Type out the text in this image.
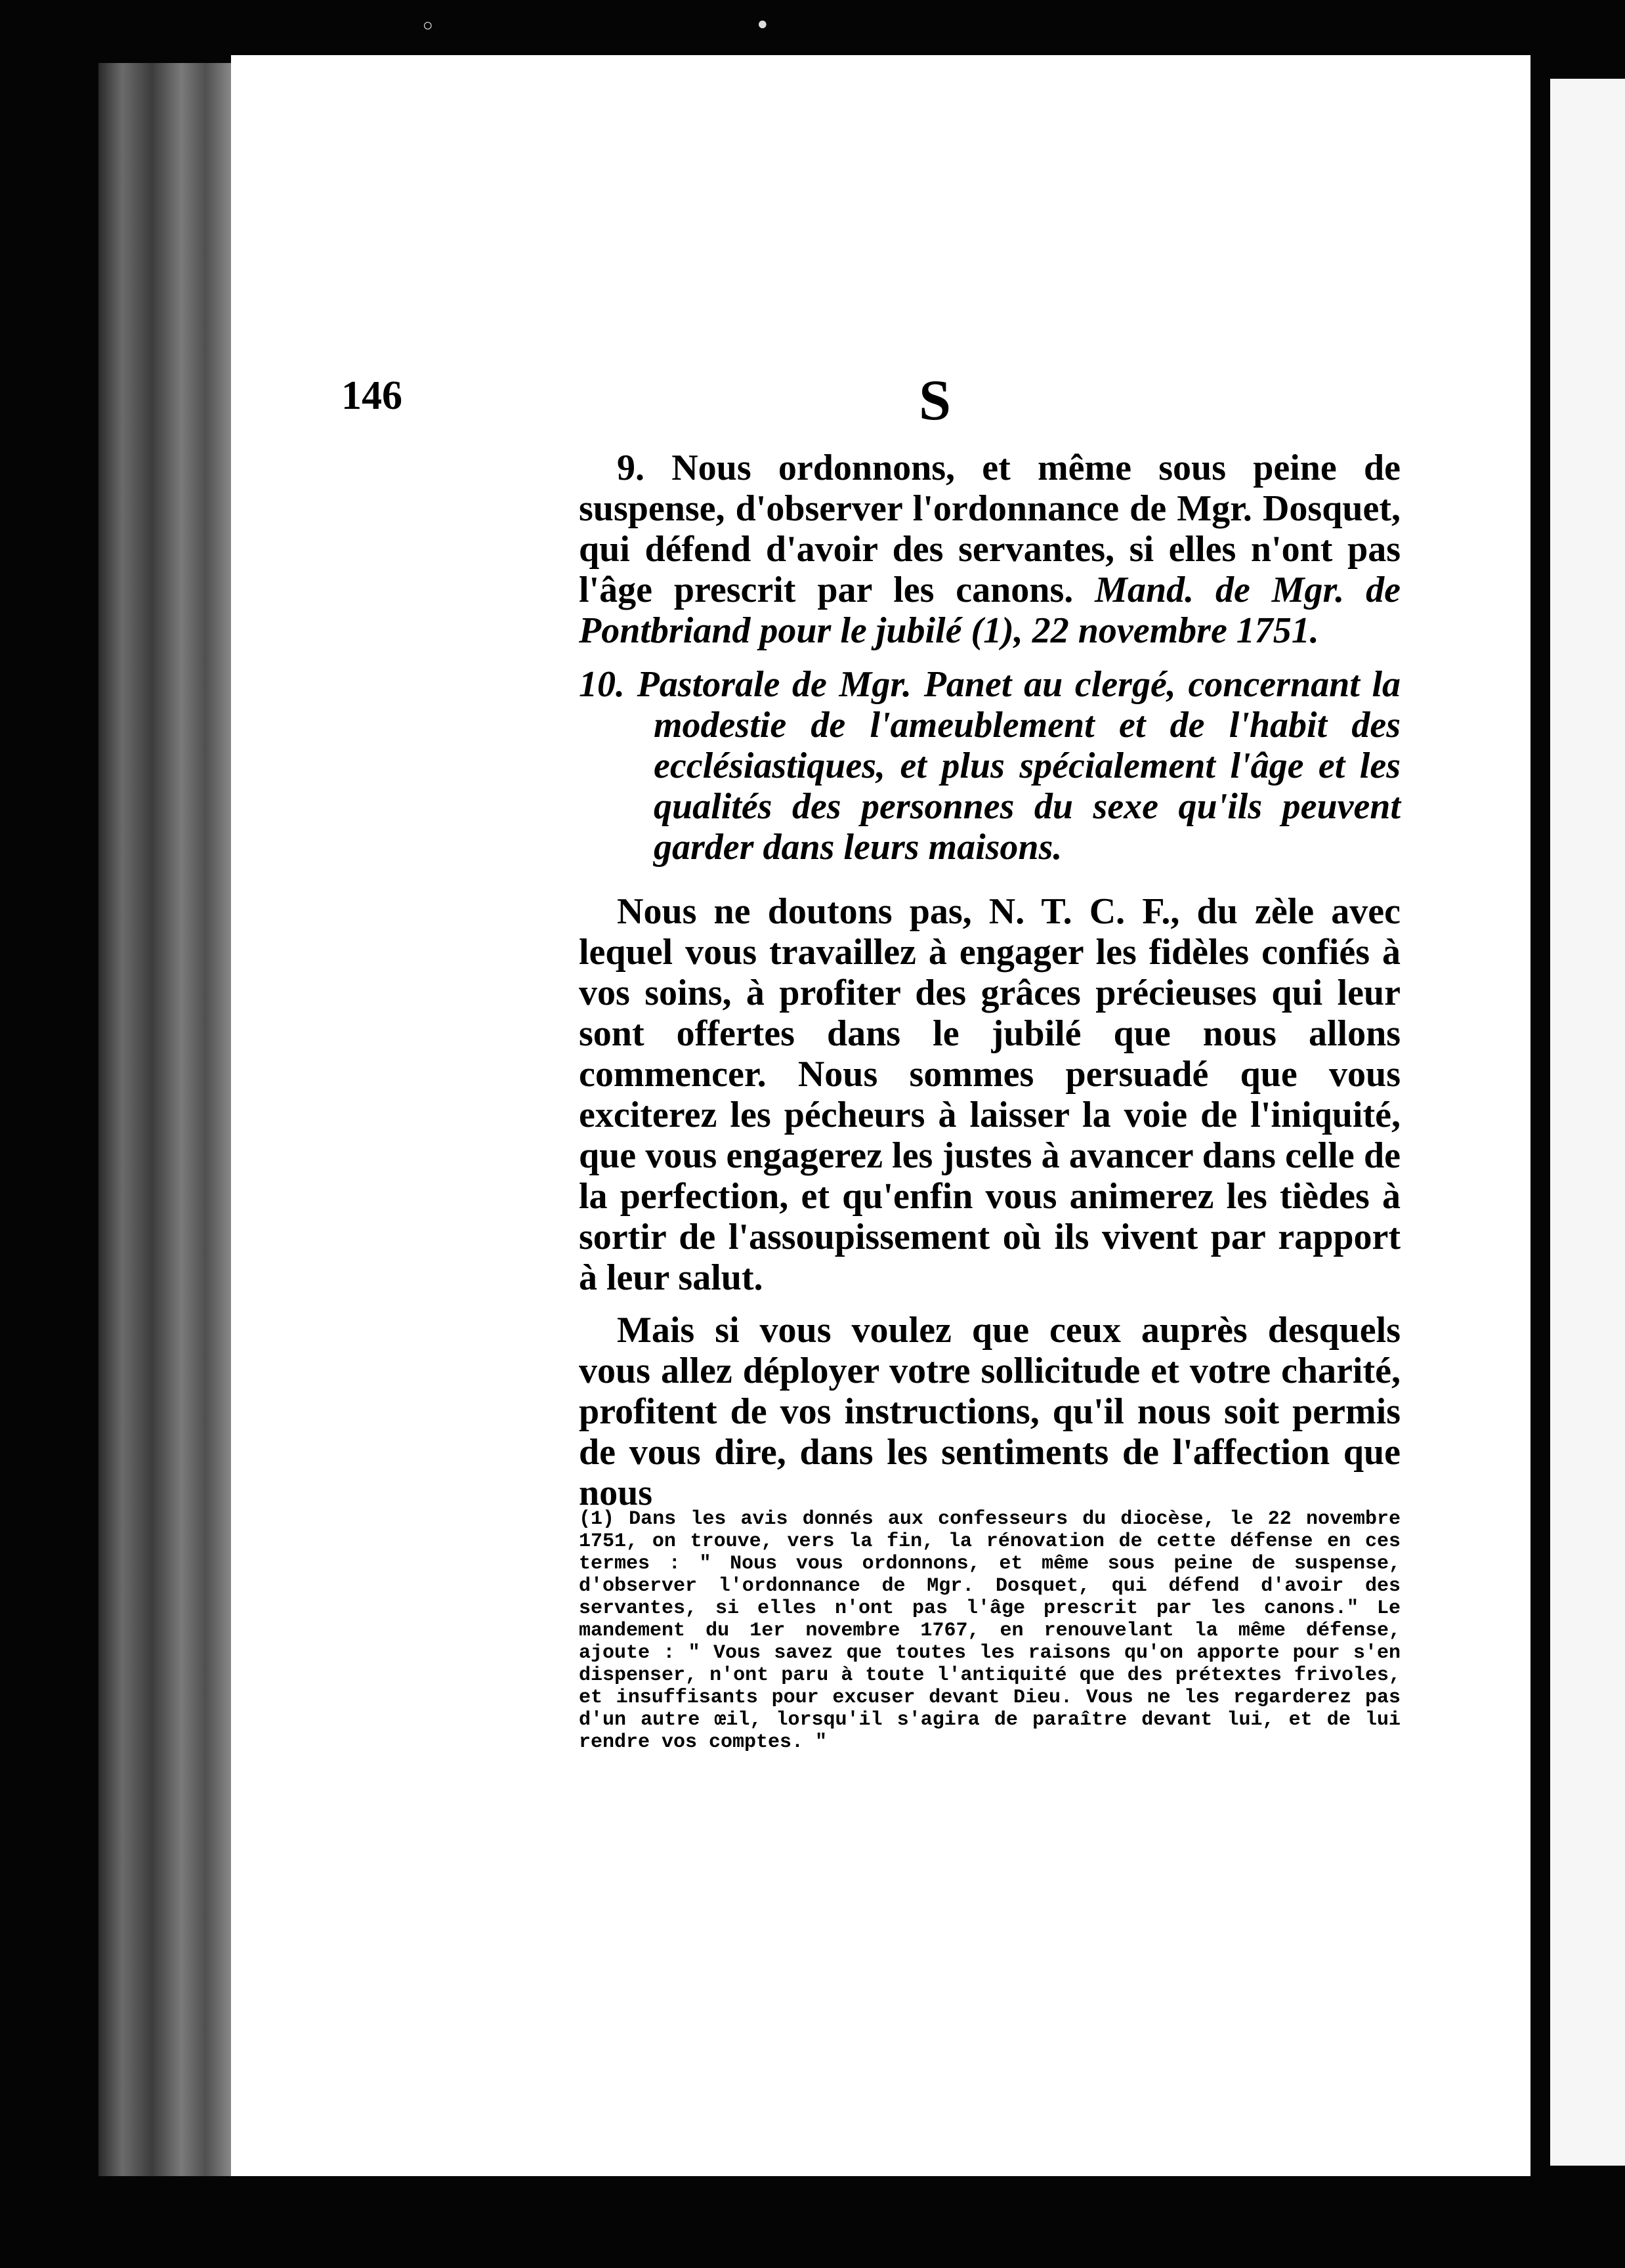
◦	•
146	S

9. Nous ordonnons, et même sous peine de suspense, d'observer l'ordonnance de Mgr. Dosquet, qui défend d'avoir des servantes, si elles n'ont pas l'âge prescrit par les canons. Mand. de Mgr. de Pontbriand pour le jubilé (1), 22 novembre 1751.

10. Pastorale de Mgr. Panet au clergé, concernant la modestie de l'ameublement et de l'habit des ecclésiastiques, et plus spécialement l'âge et les qualités des personnes du sexe qu'ils peuvent garder dans leurs maisons.

Nous ne doutons pas, N. T. C. F., du zèle avec lequel vous travaillez à engager les fidèles confiés à vos soins, à profiter des grâces précieuses qui leur sont offertes dans le jubilé que nous allons commencer. Nous sommes persuadé que vous exciterez les pécheurs à laisser la voie de l'iniquité, que vous engagerez les justes à avancer dans celle de la perfection, et qu'enfin vous animerez les tièdes à sortir de l'assoupissement où ils vivent par rapport à leur salut.

Mais si vous voulez que ceux auprès desquels vous allez déployer votre sollicitude et votre charité, profitent de vos instructions, qu'il nous soit permis de vous dire, dans les sentiments de l'affection que nous

(1) Dans les avis donnés aux confesseurs du diocèse, le 22 novembre 1751, on trouve, vers la fin, la rénovation de cette défense en ces termes : " Nous vous ordonnons, et même sous peine de suspense, d'observer l'ordonnance de Mgr. Dosquet, qui défend d'avoir des servantes, si elles n'ont pas l'âge prescrit par les canons." Le mandement du 1er novembre 1767, en renouvelant la même défense, ajoute : " Vous savez que toutes les raisons qu'on apporte pour s'en dispenser, n'ont paru à toute l'antiquité que des prétextes frivoles, et insuffisants pour excuser devant Dieu. Vous ne les regarderez pas d'un autre œil, lorsqu'il s'agira de paraître devant lui, et de lui rendre vos comptes. "
